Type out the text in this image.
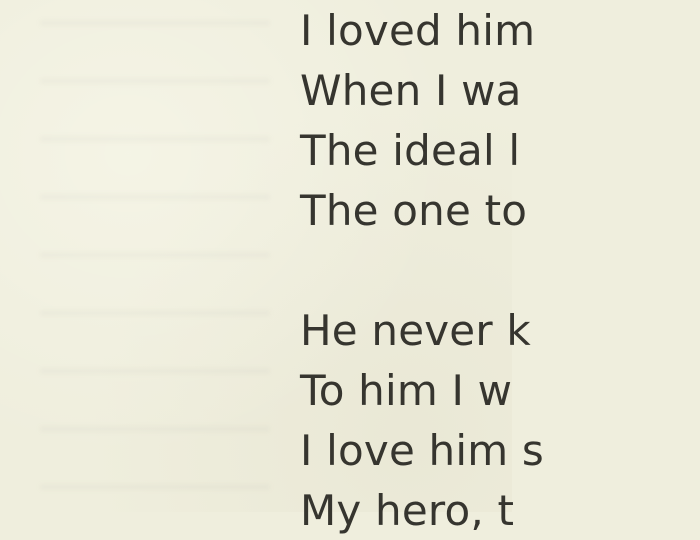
I loved him
When I wa
The ideal l
The one to
He never k
To him I w
I love him s
My hero, t
